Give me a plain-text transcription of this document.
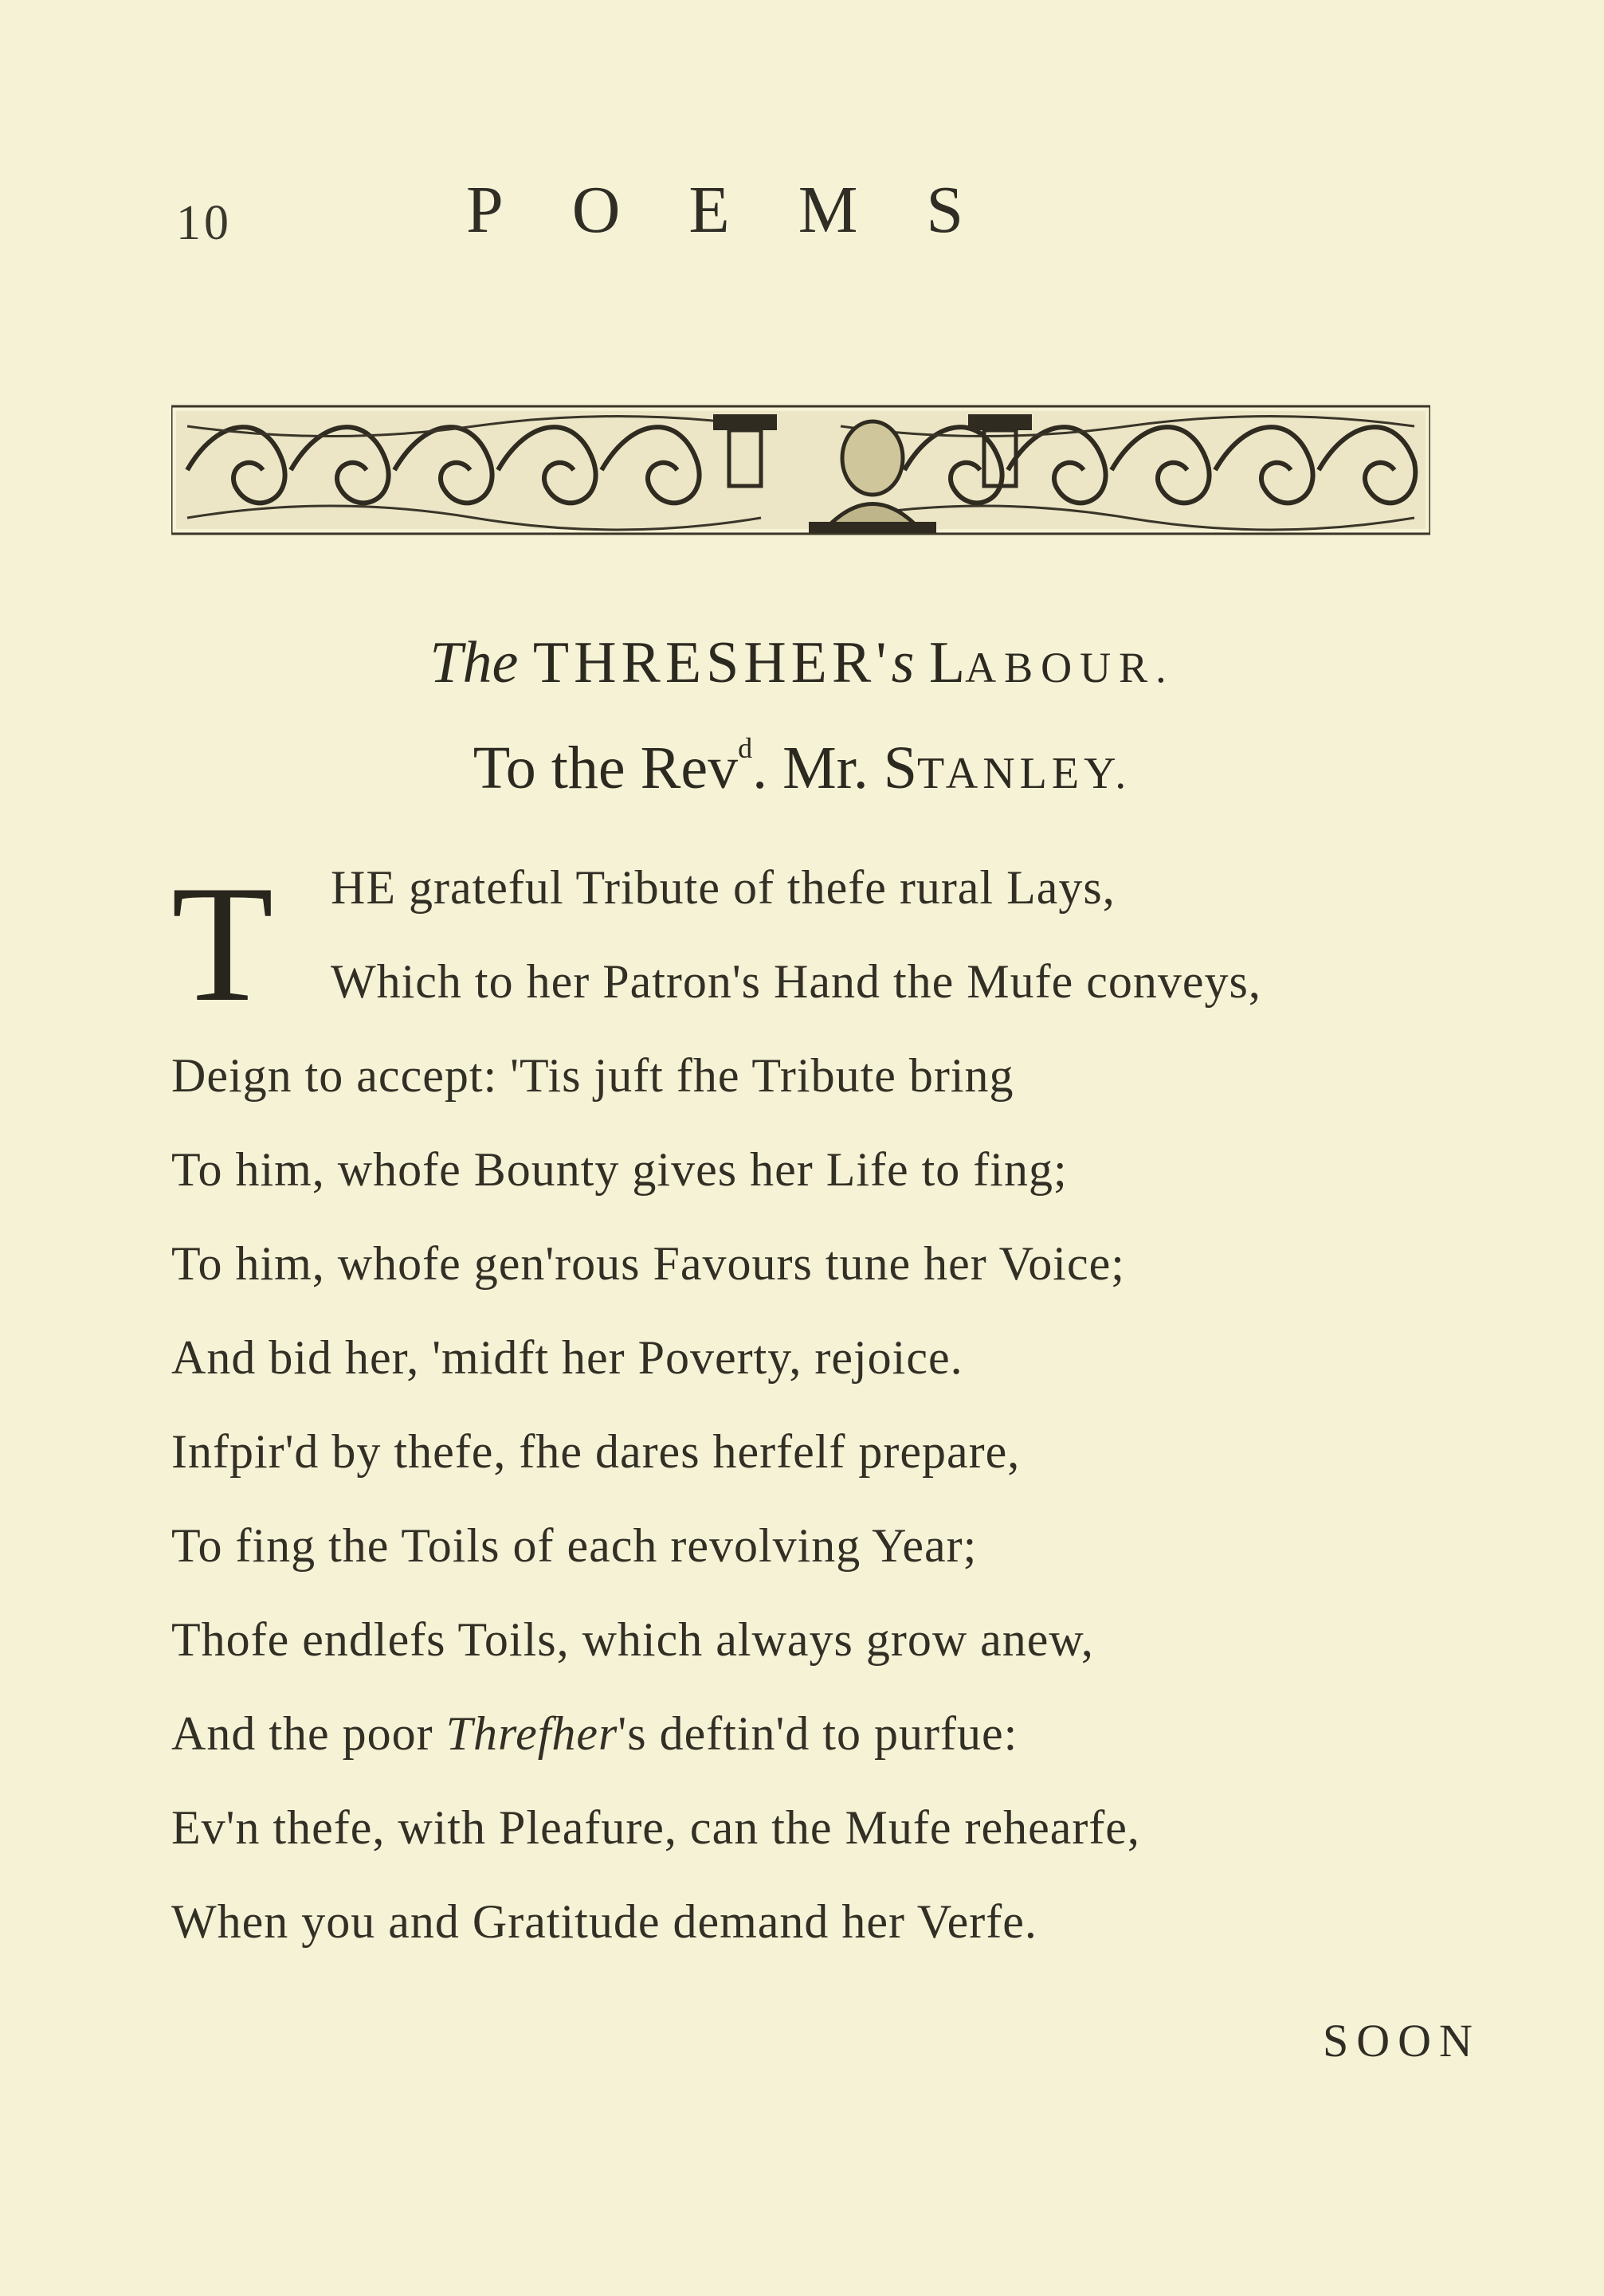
10	POEMS
The THRESHER's LABOUR.
To the Rev$^d$. Mr. STANLEY.
T HE grateful Tribute of thefe rural Lays,
Which to her Patron's Hand the Mufe conveys,
Deign to accept: 'Tis juft fhe Tribute bring
To him, whofe Bounty gives her Life to fing;
To him, whofe gen'rous Favours tune her Voice;
And bid her, 'midft her Poverty, rejoice.
Infpir'd by thefe, fhe dares herfelf prepare,
To fing the Toils of each revolving Year;
Thofe endlefs Toils, which always grow anew,
And the poor Threfher's deftin'd to purfue:
Ev'n thefe, with Pleafure, can the Mufe rehearfe,
When you and Gratitude demand her Verfe.
SOON
